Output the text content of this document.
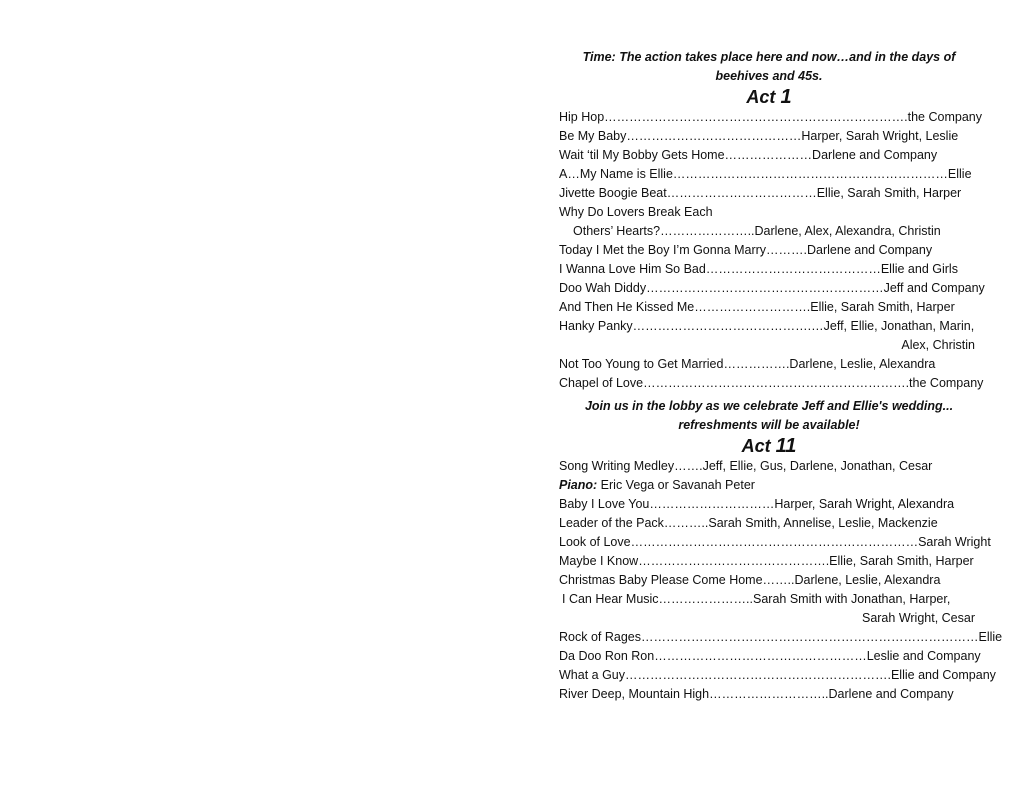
Time: The action takes place here and now…and in the days of
beehives and 45s.

Act 1
Hip Hop……………………………………………………………….the Company
Be My Baby……………………………………Harper, Sarah Wright, Leslie
Wait ‘til My Bobby Gets Home…………………Darlene and Company
A…My Name is Ellie…………………………………………………………Ellie
Jivette Boogie Beat………………………………Ellie, Sarah Smith, Harper
Why Do Lovers Break Each
Others’ Hearts?…………………..Darlene, Alex, Alexandra, Christin
Today I Met the Boy I’m Gonna Marry……….Darlene and Company
I Wanna Love Him So Bad……………………………………Ellie and Girls
Doo Wah Diddy…………………………………………………Jeff and Company
And Then He Kissed Me……………………….Ellie, Sarah Smith, Harper
Hanky Panky…………………………………….…Jeff, Ellie, Jonathan, Marin,
Alex, Christin
Not Too Young to Get Married…………….Darlene, Leslie, Alexandra
Chapel of Love……………………………………………………….the Company

Join us in the lobby as we celebrate Jeff and Ellie's wedding...
refreshments will be available!

Act 11
Song Writing Medley…….Jeff, Ellie, Gus, Darlene, Jonathan, Cesar
Piano: Eric Vega or Savanah Peter
Baby I Love You…………………………Harper, Sarah Wright, Alexandra
Leader of the Pack………..Sarah Smith, Annelise, Leslie, Mackenzie
Look of Love……………………………………………………………Sarah Wright
Maybe I Know……………………………………….Ellie, Sarah Smith, Harper
Christmas Baby Please Come Home……..Darlene, Leslie, Alexandra
I Can Hear Music…………………..Sarah Smith with Jonathan, Harper,
Sarah Wright, Cesar
Rock of Rages………………………………………………………………………Ellie
Da Doo Ron Ron……………………………………………Leslie and Company
What a Guy……………………………………………………….Ellie and Company
River Deep, Mountain High………………………..Darlene and Company
